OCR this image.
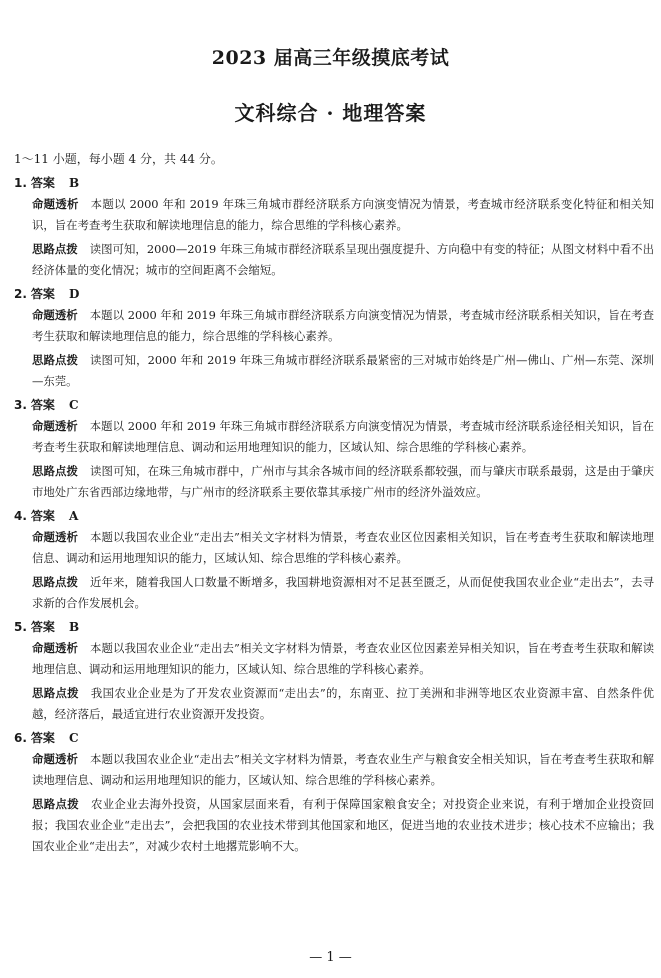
2023 届高三年级摸底考试
文科综合 · 地理答案
1～11 小题，每小题 4 分，共 44 分。
1. 答案 B
命题透析 本题以 2000 年和 2019 年珠三角城市群经济联系方向演变情况为情景，考查城市经济联系变化特征和相关知识，旨在考查考生获取和解读地理信息的能力，综合思维的学科核心素养。
思路点拨 读图可知，2000—2019 年珠三角城市群经济联系呈现出强度提升、方向稳中有变的特征；从图文材料中看不出经济体量的变化情况；城市的空间距离不会缩短。
2. 答案 D
命题透析 本题以 2000 年和 2019 年珠三角城市群经济联系方向演变情况为情景，考查城市经济联系相关知识，旨在考查考生获取和解读地理信息的能力，综合思维的学科核心素养。
思路点拨 读图可知，2000 年和 2019 年珠三角城市群经济联系最紧密的三对城市始终是广州—佛山、广州—东莞、深圳—东莞。
3. 答案 C
命题透析 本题以 2000 年和 2019 年珠三角城市群经济联系方向演变情况为情景，考查城市经济联系途径相关知识，旨在考查考生获取和解读地理信息、调动和运用地理知识的能力，区域认知、综合思维的学科核心素养。
思路点拨 读图可知，在珠三角城市群中，广州市与其余各城市间的经济联系都较强，而与肇庆市联系最弱，这是由于肇庆市地处广东省西部边缘地带，与广州市的经济联系主要依靠其承接广州市的经济外溢效应。
4. 答案 A
命题透析 本题以我国农业企业“走出去”相关文字材料为情景，考查农业区位因素相关知识，旨在考查考生获取和解读地理信息、调动和运用地理知识的能力，区域认知、综合思维的学科核心素养。
思路点拨 近年来，随着我国人口数量不断增多，我国耕地资源相对不足甚至匮乏，从而促使我国农业企业“走出去”，去寻求新的合作发展机会。
5. 答案 B
命题透析 本题以我国农业企业“走出去”相关文字材料为情景，考查农业区位因素差异相关知识，旨在考查考生获取和解读地理信息、调动和运用地理知识的能力，区域认知、综合思维的学科核心素养。
思路点拨 我国农业企业是为了开发农业资源而“走出去”的，东南亚、拉丁美洲和非洲等地区农业资源丰富、自然条件优越，经济落后，最适宜进行农业资源开发投资。
6. 答案 C
命题透析 本题以我国农业企业“走出去”相关文字材料为情景，考查农业生产与粮食安全相关知识，旨在考查考生获取和解读地理信息、调动和运用地理知识的能力，区域认知、综合思维的学科核心素养。
思路点拨 农业企业去海外投资，从国家层面来看，有利于保障国家粮食安全；对投资企业来说，有利于增加企业投资回报；我国农业企业“走出去”，会把我国的农业技术带到其他国家和地区，促进当地的农业技术进步；核心技术不应输出；我国农业企业“走出去”，对减少农村土地撂荒影响不大。
— 1 —
